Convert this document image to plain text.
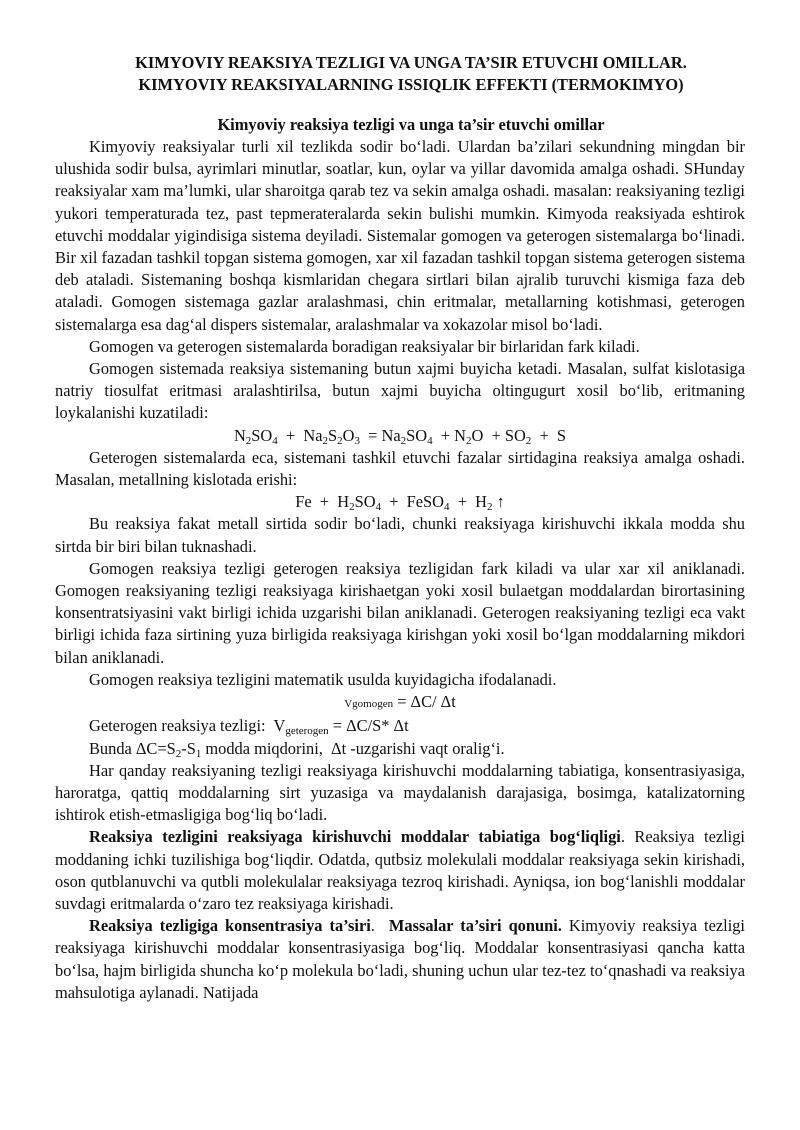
KIMYOVIY REAKSIYA TEZLIGI VA UNGA TA’SIR ETUVCHI OMILLAR.
KIMYOVIY REAKSIYALARNING ISSIQLIK EFFEKTI (TERMOKIMYO)
Kimyoviy reaksiya tezligi va unga ta’sir etuvchi omillar

Kimyoviy reaksiyalar turli xil tezlikda sodir boʻladi. Ulardan ba’zilari sekundning mingdan bir ulushida sodir bulsa, ayrimlari minutlar, soatlar, kun, oylar va yillar davomida amalga oshadi. SHunday reaksiyalar xam ma’lumki, ular sharoitga qarab tez va sekin amalga oshadi. masalan: reaksiyaning tezligi yukori temperaturada tez, past tepmerateralarda sekin bulishi mumkin. Kimyoda reaksiyada eshtirok etuvchi moddalar yigindisiga sistema deyiladi. Sistemalar gomogen va geterogen sistemalarga boʻlinadi. Bir xil fazadan tashkil topgan sistema gomogen, xar xil fazadan tashkil topgan sistema geterogen sistema deb ataladi. Sistemaning boshqa kismlaridan chegara sirtlari bilan ajralib turuvchi kismiga faza deb ataladi. Gomogen sistemaga gazlar aralashmasi, chin eritmalar, metallarning kotishmasi, geterogen sistemalarga esa dagʻal dispers sistemalar, aralashmalar va xokazolar misol boʻladi.

Gomogen va geterogen sistemalarda boradigan reaksiyalar bir birlaridan fark kiladi.

Gomogen sistemada reaksiya sistemaning butun xajmi buyicha ketadi. Masalan, sulfat kislotasiga natriy tiosulfat eritmasi aralashtirilsa, butun xajmi buyicha oltingugurt xosil boʻlib, eritmaning loykalanishi kuzatiladi:

$N_2SO_4 + Na_2S_2O_3 = Na_2SO_4 + N_2O + SO_2 + S$

Geterogen sistemalarda eca, sistemani tashkil etuvchi fazalar sirtidagina reaksiya amalga oshadi. Masalan, metallning kislotada erishi:

$Fe + H_2SO_4$  +  FeSO$_4$  +  $H_2$ ↑

Bu reaksiya fakat metall sirtida sodir boʻladi, chunki reaksiyaga kirishuvchi ikkala modda shu sirtda bir biri bilan tuknashadi.

Gomogen reaksiya tezligi geterogen reaksiya tezligidan fark kiladi va ular xar xil aniklanadi. Gomogen reaksiyaning tezligi reaksiyaga kirishaetgan yoki xosil bulaetgan moddalardan birortasining konsentratsiyasini vakt birligi ichida uzgarishi bilan aniklanadi. Geterogen reaksiyaning tezligi eca vakt birligi ichida faza sirtining yuza birligida reaksiyaga kirishgan yoki xosil boʻlgan moddalarning mikdori bilan aniklanadi.

Gomogen reaksiya tezligini matematik usulda kuyidagicha ifodalanadi.

Vgomogen = ΔC/ Δt

Geterogen reaksiya tezligi:  $V_{geterogen} = \Delta C/S*$ Δt

Bunda $\Delta C=S_2-S_1$ modda miqdorini,  Δt -uzgarishi vaqt oraligʻi.

Har qanday reaksiyaning tezligi reaksiyaga kirishuvchi moddalarning tabiatiga, konsentrasiyasiga, haroratga, qattiq moddalarning sirt yuzasiga va maydalanish darajasiga, bosimga, katalizatorning ishtirok etish-etmasligiga bogʻliq boʻladi.

Reaksiya tezligini reaksiyaga kirishuvchi moddalar tabiatiga bogʻliqligi. Reaksiya tezligi moddaning ichki tuzilishiga bogʻliqdir. Odatda, qutbsiz molekulali moddalar reaksiyaga sekin kirishadi, oson qutblanuvchi va qutbli molekulalar reaksiyaga tezroq kirishadi. Ayniqsa, ion bogʻlanishli moddalar suvdagi eritmalarda oʻzaro tez reaksiyaga kirishadi.

Reaksiya tezligiga konsentrasiya ta’siri.  Massalar ta’siri qonuni. Kimyoviy reaksiya tezligi reaksiyaga kirishuvchi moddalar konsentrasiyasiga bogʻliq. Moddalar konsentrasiyasi qancha katta boʻlsa, hajm birligida shuncha koʻp molekula boʻladi, shuning uchun ular tez-tez toʻqnashadi va reaksiya mahsulotiga aylanadi. Natijada
